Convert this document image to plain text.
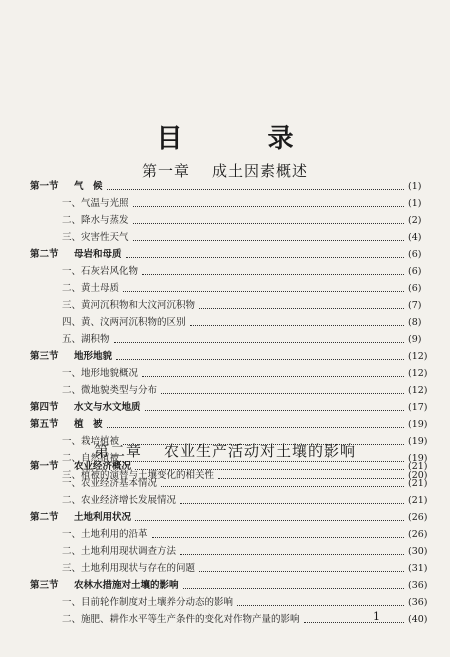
目 录
第一章 成土因素概述
第一节 气　候	(1)
一、气温与光照	(1)
二、降水与蒸发	(2)
三、灾害性天气	(4)
第二节 母岩和母质	(6)
一、石灰岩风化物	(6)
二、黄土母质	(6)
三、黄河沉积物和大汶河沉积物	(7)
四、黄、汶两河沉积物的区别	(8)
五、湖积物	(9)
第三节 地形地貌	(12)
一、地形地貌概况	(12)
二、微地貌类型与分布	(12)
第四节 水文与水文地质	(17)
第五节 植　被	(19)
一、栽培植被	(19)
二、自然植被	(19)
三、植被的演替与土壤变化的相关性	(20)
第二章 农业生产活动对土壤的影响
第一节 农业经济概况	(21)
一、农业经济基本情况	(21)
二、农业经济增长发展情况	(21)
第二节 土地利用状况	(26)
一、土地利用的沿革	(26)
二、土地利用现状调查方法	(30)
三、土地利用现状与存在的问题	(31)
第三节 农林水措施对土壤的影响	(36)
一、目前轮作制度对土壤养分动态的影响	(36)
二、施肥、耕作水平等生产条件的变化对作物产量的影响	(40)
1
